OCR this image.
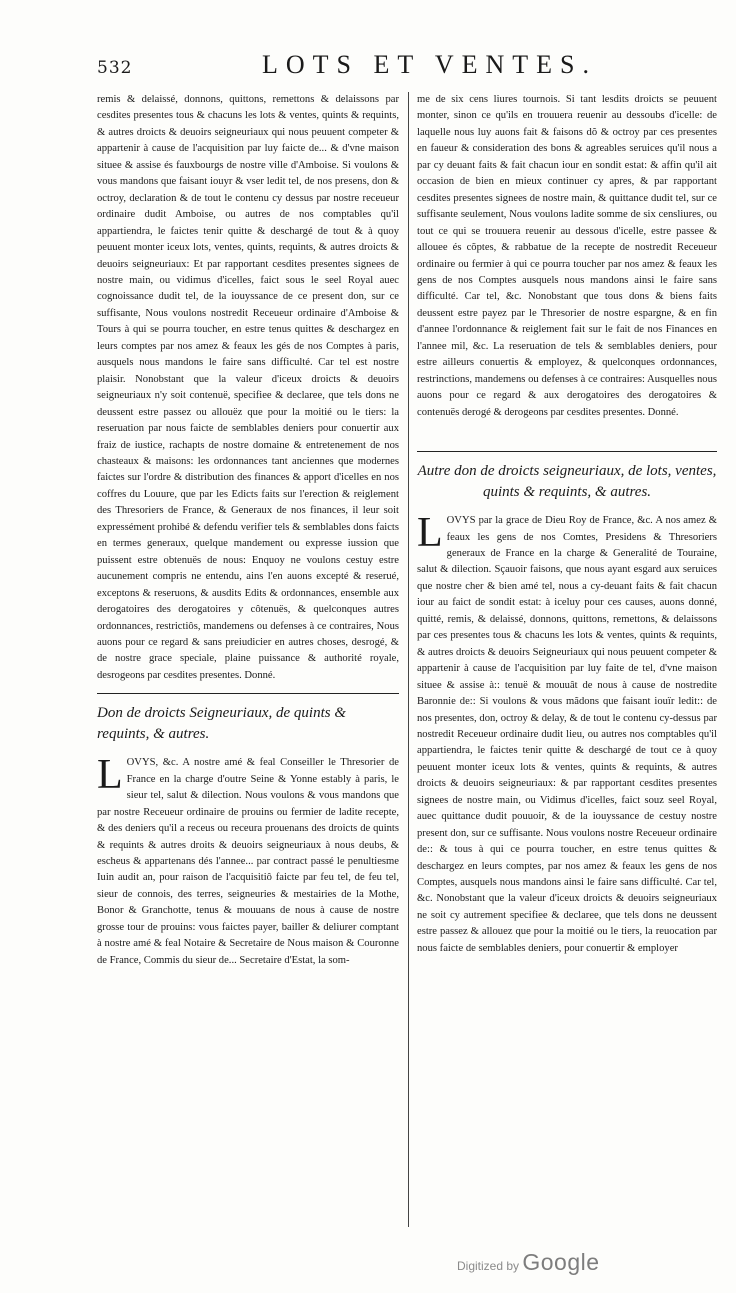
532	LOTS ET VENTES.

remis & delaissé, donnons, quittons, remettons & delaissons par cesdites presentes tous & chacuns les lots & ventes, quints & requints, & autres droicts & deuoirs seigneuriaux qui nous peuuent competer & appartenir à cause de l'acquisition par luy faicte de... & d'vne maison situee & assise és fauxbourgs de nostre ville d'Amboise. Si voulons & vous mandons que faisant iouyr & vser ledit tel, de nos presens, don & octroy, declaration & de tout le contenu cy dessus par nostre receueur ordinaire dudit Amboise, ou autres de nos comptables qu'il appartiendra, le faictes tenir quitte & deschargé de tout & à quoy peuuent monter iceux lots, ventes, quints, requints, & autres droicts & deuoirs seigneuriaux: Et par rapportant cesdites presentes signees de nostre main, ou vidimus d'icelles, faict sous le seel Royal auec cognoissance dudit tel, de la iouyssance de ce present don, sur ce suffisante, Nous voulons nostredit Receueur ordinaire d'Amboise & Tours à qui se pourra toucher, en estre tenus quittes & deschargez en leurs comptes par nos amez & feaux les gés de nos Comptes à paris, ausquels nous mandons le faire sans difficulté. Car tel est nostre plaisir. Nonobstant que la valeur d'iceux droicts & deuoirs seigneuriaux n'y soit contenuë, specifiee & declaree, que tels dons ne deussent estre passez ou allouëz que pour la moitié ou le tiers: la reseruation par nous faicte de semblables deniers pour conuertir aux fraiz de iustice, rachapts de nostre domaine & entretenement de nos chasteaux & maisons: les ordonnances tant anciennes que modernes faictes sur l'ordre & distribution des finances & apport d'icelles en nos coffres du Louure, que par les Edicts faits sur l'erection & reiglement des Thresoriers de France, & Generaux de nos finances, il leur soit expressément prohibé & defendu verifier tels & semblables dons faicts en termes generaux, quelque mandement ou expresse iussion que puissent estre obtenuës de nous: Enquoy ne voulons cestuy estre aucunement compris ne entendu, ains l'en auons excepté & reserué, exceptons & reseruons, & ausdits Edits & ordonnances, ensemble aux derogatoires des derogatoires y côtenuës, & quelconques autres ordonnances, restrictiôs, mandemens ou defenses à ce contraires, Nous auons pour ce regard & sans preiudicier en autres choses, desrogé, & de nostre grace speciale, plaine puissance & authorité royale, desrogeons par cesdites presentes. Donné.

Don de droicts Seigneuriaux, de quints & requints, & autres.

LOVYS, &c. A nostre amé & feal Conseiller le Thresorier de France en la charge d'outre Seine & Yonne estably à paris, le sieur tel, salut & dilection. Nous voulons & vous mandons que par nostre Receueur ordinaire de prouins ou fermier de ladite recepte, & des deniers qu'il a receus ou receura prouenans des droicts de quints & requints & autres droits & deuoirs seigneuriaux à nous deubs, & escheus & appartenans dés l'annee... par contract passé le penultiesme Iuin audit an, pour raison de l'acquisitiô faicte par feu tel, de feu tel, sieur de connois, des terres, seigneuries & mestairies de la Mothe, Bonor & Granchotte, tenus & mouuans de nous à cause de nostre grosse tour de prouins: vous faictes payer, bailler & deliurer comptant à nostre amé & feal Notaire & Secretaire de Nous maison & Couronne de France, Commis du sieur de... Secretaire d'Estat, la som-

me de six cens liures tournois. Si tant lesdits droicts se peuuent monter, sinon ce qu'ils en trouuera reuenir au dessoubs d'icelle: de laquelle nous luy auons fait & faisons dõ & octroy par ces presentes en faueur & consideration des bons & agreables seruices qu'il nous a par cy deuant faits & fait chacun iour en sondit estat: & affin qu'il ait occasion de bien en mieux continuer cy apres, & par rapportant cesdites presentes signees de nostre main, & quittance dudit tel, sur ce suffisante seulement, Nous voulons ladite somme de six censliures, ou tout ce qui se trouuera reuenir au dessous d'icelle, estre passee & allouee és cõptes, & rabbatue de la recepte de nostredit Receueur ordinaire ou fermier à qui ce pourra toucher par nos amez & feaux les gens de nos Comptes ausquels nous mandons ainsi le faire sans difficulté. Car tel, &c. Nonobstant que tous dons & biens faits deussent estre payez par le Thresorier de nostre espargne, & en fin d'annee l'ordonnance & reiglement fait sur le fait de nos Finances en l'annee mil, &c. La reseruation de tels & semblables deniers, pour estre ailleurs conuertis & employez, & quelconques ordonnances, restrinctions, mandemens ou defenses à ce contraires: Ausquelles nous auons pour ce regard & aux derogatoires des derogatoires & contenuës derogé & derogeons par cesdites presentes. Donné.

Autre don de droicts seigneuriaux, de lots, ventes, quints & requints, & autres.

LOVYS par la grace de Dieu Roy de France, &c. A nos amez & feaux les gens de nos Comtes, Presidens & Thresoriers generaux de France en la charge & Generalité de Touraine, salut & dilection. Sçauoir faisons, que nous ayant esgard aux seruices que nostre cher & bien amé tel, nous a cy-deuant faits & fait chacun iour au faict de sondit estat: à iceluy pour ces causes, auons donné, quitté, remis, & delaissé, donnons, quittons, remettons, & delaissons par ces presentes tous & chacuns les lots & ventes, quints & requints, & autres droicts & deuoirs Seigneuriaux qui nous peuuent competer & appartenir à cause de l'acquisition par luy faite de tel, d'vne maison situee & assise à:: tenuë & mouuât de nous à cause de nostredite Baronnie de:: Si voulons & vous mãdons que faisant iouïr ledit:: de nos presentes, don, octroy & delay, & de tout le contenu cy-dessus par nostredit Receueur ordinaire dudit lieu, ou autres nos comptables qu'il appartiendra, le faictes tenir quitte & deschargé de tout ce à quoy peuuent monter iceux lots & ventes, quints & requints, & autres droicts & deuoirs seigneuriaux: & par rapportant cesdites presentes signees de nostre main, ou Vidimus d'icelles, faict souz seel Royal, auec quittance dudit pouuoir, & de la iouyssance de cestuy nostre present don, sur ce suffisante. Nous voulons nostre Receueur ordinaire de:: & tous à qui ce pourra toucher, en estre tenus quittes & deschargez en leurs comptes, par nos amez & feaux les gens de nos Comptes, ausquels nous mandons ainsi le faire sans difficulté. Car tel, &c. Nonobstant que la valeur d'iceux droicts & deuoirs seigneuriaux ne soit cy autrement specifiee & declaree, que tels dons ne deussent estre passez & allouez que pour la moitié ou le tiers, la reuocation par nous faicte de semblables deniers, pour conuertir & employer

Digitized by Google
